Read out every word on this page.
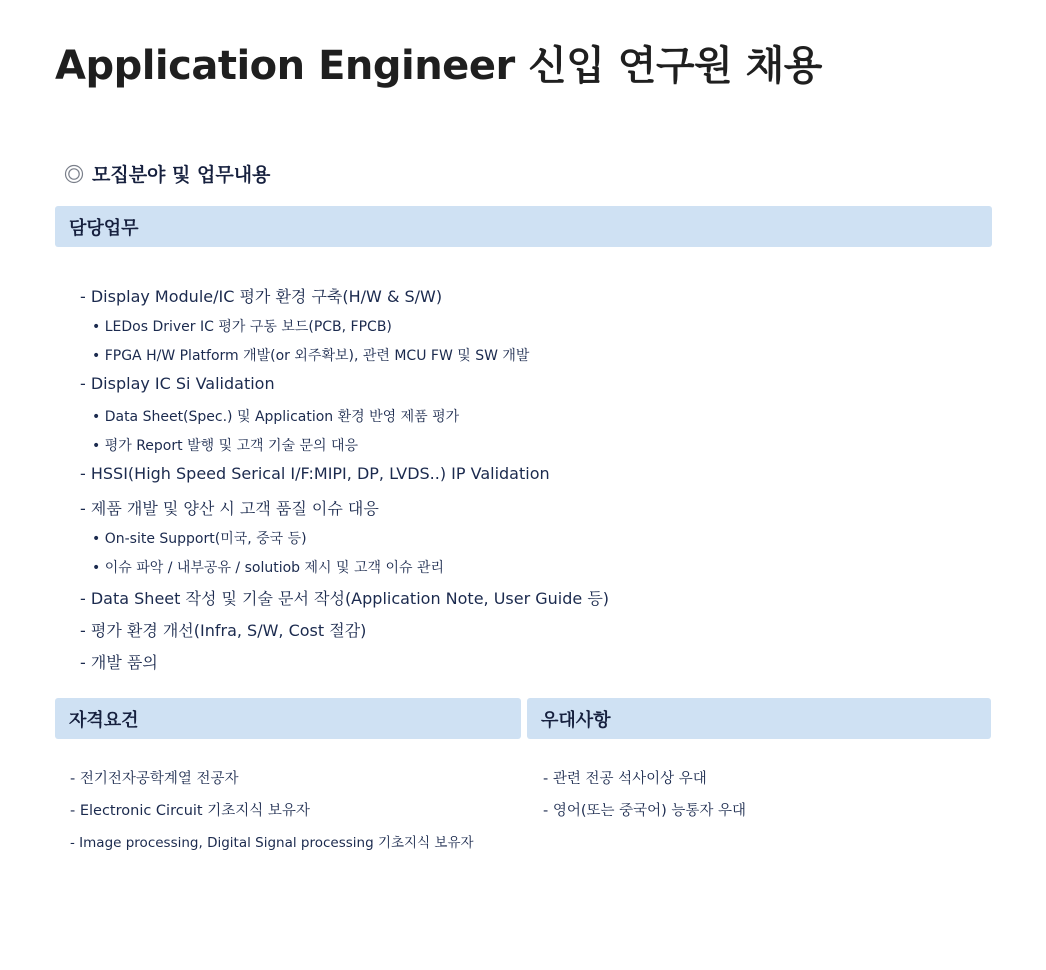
Application Engineer 신입 연구원 채용
모집분야 및 업무내용
담당업무
- Display Module/IC 평가 환경 구축(H/W & S/W)
• LEDos Driver IC 평가 구동 보드(PCB, FPCB)
• FPGA H/W Platform 개발(or 외주확보), 관련 MCU FW 및 SW 개발
- Display IC Si Validation
• Data Sheet(Spec.) 및 Application 환경 반영 제품 평가
• 평가 Report 발행 및 고객 기술 문의 대응
- HSSI(High Speed Serical I/F:MIPI, DP, LVDS..) IP Validation
- 제품 개발 및 양산 시 고객 품질 이슈 대응
• On-site Support(미국, 중국 등)
• 이슈 파악 / 내부공유 / solutiob 제시 및 고객 이슈 관리
- Data Sheet 작성 및 기술 문서 작성(Application Note, User Guide 등)
- 평가 환경 개선(Infra, S/W, Cost 절감)
- 개발 품의
자격요건
- 전기전자공학계열 전공자
- Electronic Circuit 기초지식 보유자
- Image processing, Digital Signal processing 기초지식 보유자
우대사항
- 관련 전공 석사이상 우대
- 영어(또는 중국어) 능통자 우대
